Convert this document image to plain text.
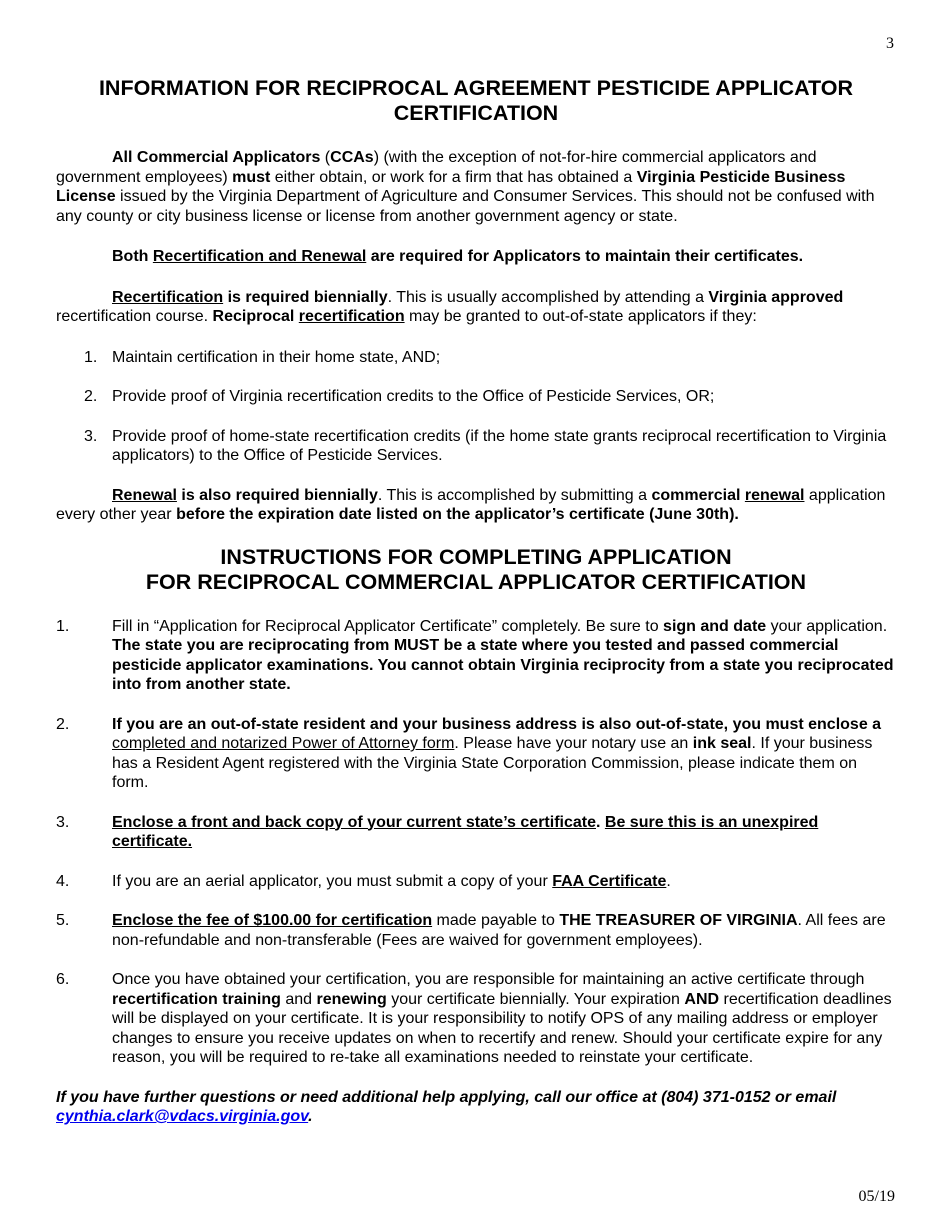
3
INFORMATION FOR RECIPROCAL AGREEMENT PESTICIDE APPLICATOR CERTIFICATION

All Commercial Applicators (CCAs) (with the exception of not-for-hire commercial applicators and government employees) must either obtain, or work for a firm that has obtained a Virginia Pesticide Business License issued by the Virginia Department of Agriculture and Consumer Services. This should not be confused with any county or city business license or license from another government agency or state.

Both Recertification and Renewal are required for Applicators to maintain their certificates.

Recertification is required biennially. This is usually accomplished by attending a Virginia approved recertification course. Reciprocal recertification may be granted to out-of-state applicators if they:

1. Maintain certification in their home state, AND;
2. Provide proof of Virginia recertification credits to the Office of Pesticide Services, OR;
3. Provide proof of home-state recertification credits (if the home state grants reciprocal recertification to Virginia applicators) to the Office of Pesticide Services.

Renewal is also required biennially. This is accomplished by submitting a commercial renewal application every other year before the expiration date listed on the applicator’s certificate (June 30th).

INSTRUCTIONS FOR COMPLETING APPLICATION
FOR RECIPROCAL COMMERCIAL APPLICATOR CERTIFICATION
1.	Fill in “Application for Reciprocal Applicator Certificate” completely. Be sure to sign and date your application. The state you are reciprocating from MUST be a state where you tested and passed commercial pesticide applicator examinations. You cannot obtain Virginia reciprocity from a state you reciprocated into from another state.
2.	If you are an out-of-state resident and your business address is also out-of-state, you must enclose a completed and notarized Power of Attorney form. Please have your notary use an ink seal. If your business has a Resident Agent registered with the Virginia State Corporation Commission, please indicate them on form.
3.	Enclose a front and back copy of your current state’s certificate. Be sure this is an unexpired certificate.
4.	If you are an aerial applicator, you must submit a copy of your FAA Certificate.
5.	Enclose the fee of $100.00 for certification made payable to THE TREASURER OF VIRGINIA. All fees are non-refundable and non-transferable (Fees are waived for government employees).
6.	Once you have obtained your certification, you are responsible for maintaining an active certificate through recertification training and renewing your certificate biennially. Your expiration AND recertification deadlines will be displayed on your certificate. It is your responsibility to notify OPS of any mailing address or employer changes to ensure you receive updates on when to recertify and renew. Should your certificate expire for any reason, you will be required to re-take all examinations needed to reinstate your certificate.

If you have further questions or need additional help applying, call our office at (804) 371-0152 or email cynthia.clark@vdacs.virginia.gov.

05/19
